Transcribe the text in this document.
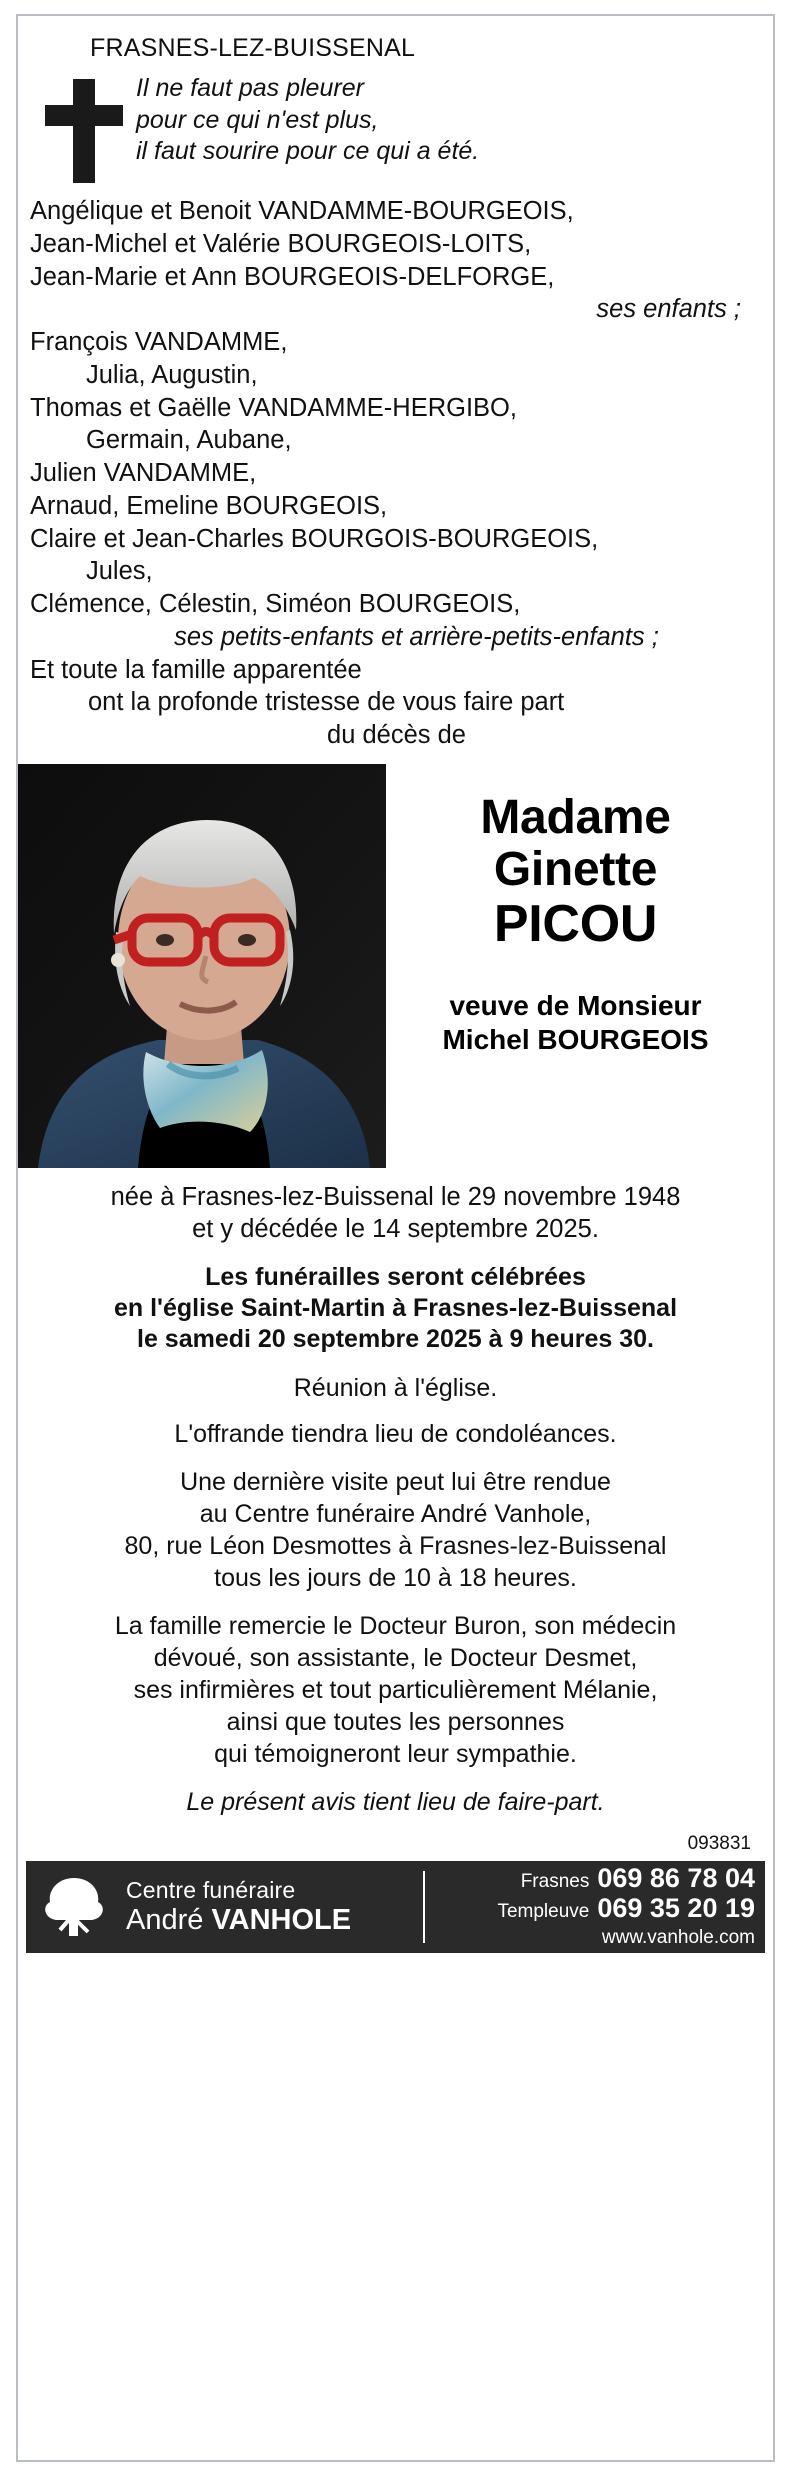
FRASNES-LEZ-BUISSENAL
Il ne faut pas pleurer
pour ce qui n'est plus,
il faut sourire pour ce qui a été.
Angélique et Benoit VANDAMME-BOURGEOIS,
Jean-Michel et Valérie BOURGEOIS-LOITS,
Jean-Marie et Ann BOURGEOIS-DELFORGE,
ses enfants ;
François VANDAMME,
Julia, Augustin,
Thomas et Gaëlle VANDAMME-HERGIBO,
Germain, Aubane,
Julien VANDAMME,
Arnaud, Emeline BOURGEOIS,
Claire et Jean-Charles BOURGOIS-BOURGEOIS,
Jules,
Clémence, Célestin, Siméon BOURGEOIS,
ses petits-enfants et arrière-petits-enfants ;
Et toute la famille apparentée
ont la profonde tristesse de vous faire part
du décès de
Madame
Ginette
PICOU
veuve de Monsieur
Michel BOURGEOIS
née à Frasnes-lez-Buissenal le 29 novembre 1948
et y décédée le 14 septembre 2025.
Les funérailles seront célébrées
en l'église Saint-Martin à Frasnes-lez-Buissenal
le samedi 20 septembre 2025 à 9 heures 30.
Réunion à l'église.
L'offrande tiendra lieu de condoléances.
Une dernière visite peut lui être rendue
au Centre funéraire André Vanhole,
80, rue Léon Desmottes à Frasnes-lez-Buissenal
tous les jours de 10 à 18 heures.
La famille remercie le Docteur Buron, son médecin
dévoué, son assistante, le Docteur Desmet,
ses infirmières et tout particulièrement Mélanie,
ainsi que toutes les personnes
qui témoigneront leur sympathie.
Le présent avis tient lieu de faire-part.
093831
Centre funéraire
André VANHOLE
Frasnes 069 86 78 04
Templeuve 069 35 20 19
www.vanhole.com
